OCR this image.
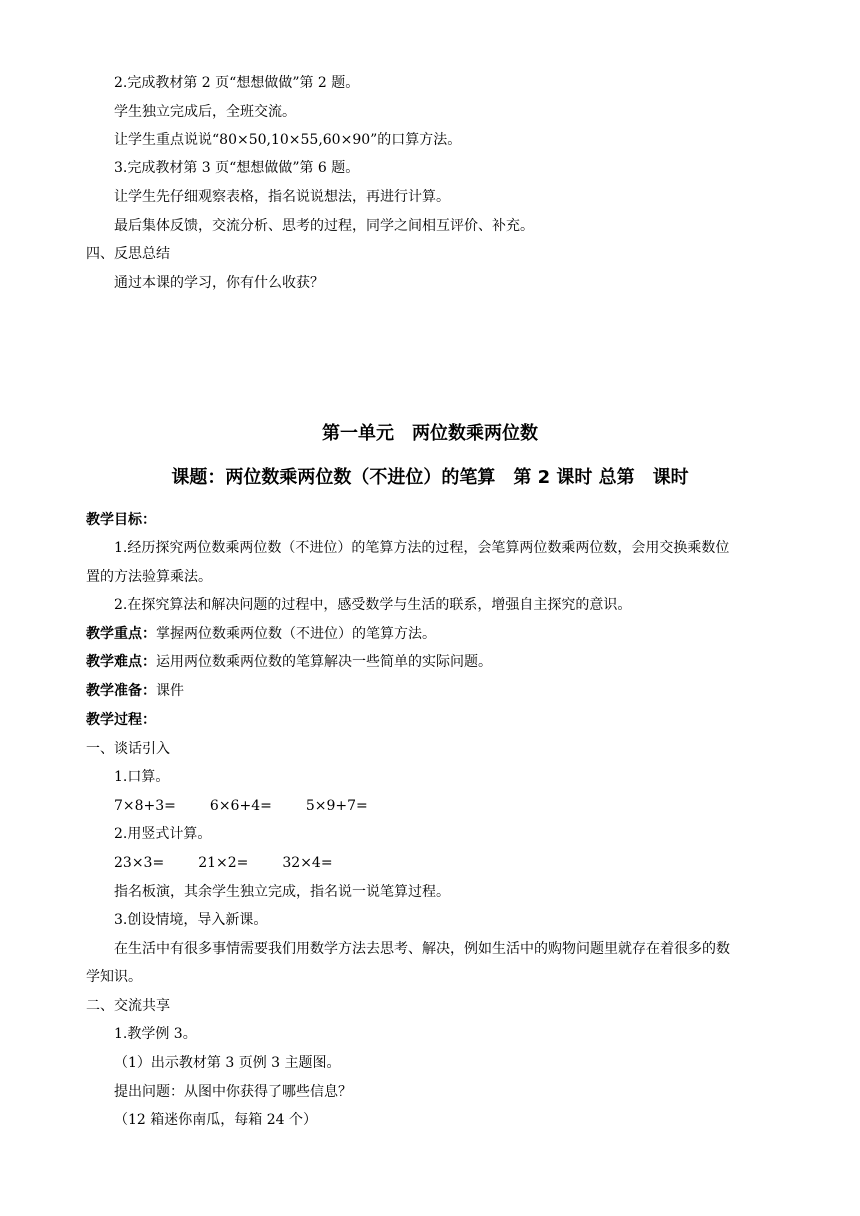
2.完成教材第 2 页“想想做做”第 2 题。
学生独立完成后，全班交流。
让学生重点说说“80×50,10×55,60×90”的口算方法。
3.完成教材第 3 页“想想做做”第 6 题。
让学生先仔细观察表格，指名说说想法，再进行计算。
最后集体反馈，交流分析、思考的过程，同学之间相互评价、补充。
四、反思总结
通过本课的学习，你有什么收获？
第一单元　两位数乘两位数
课题：两位数乘两位数（不进位）的笔算　第 2 课时 总第　课时
教学目标：
1.经历探究两位数乘两位数（不进位）的笔算方法的过程，会笔算两位数乘两位数，会用交换乘数位
置的方法验算乘法。
2.在探究算法和解决问题的过程中，感受数学与生活的联系，增强自主探究的意识。
教学重点：掌握两位数乘两位数（不进位）的笔算方法。
教学难点：运用两位数乘两位数的笔算解决一些简单的实际问题。
教学准备：课件
教学过程：
一、谈话引入
1.口算。
7×8+3= 6×6+4= 5×9+7=
2.用竖式计算。
23×3= 21×2= 32×4=
指名板演，其余学生独立完成，指名说一说笔算过程。
3.创设情境，导入新课。
在生活中有很多事情需要我们用数学方法去思考、解决，例如生活中的购物问题里就存在着很多的数
学知识。
二、交流共享
1.教学例 3。
（1）出示教材第 3 页例 3 主题图。
提出问题：从图中你获得了哪些信息？
（12 箱迷你南瓜，每箱 24 个）
